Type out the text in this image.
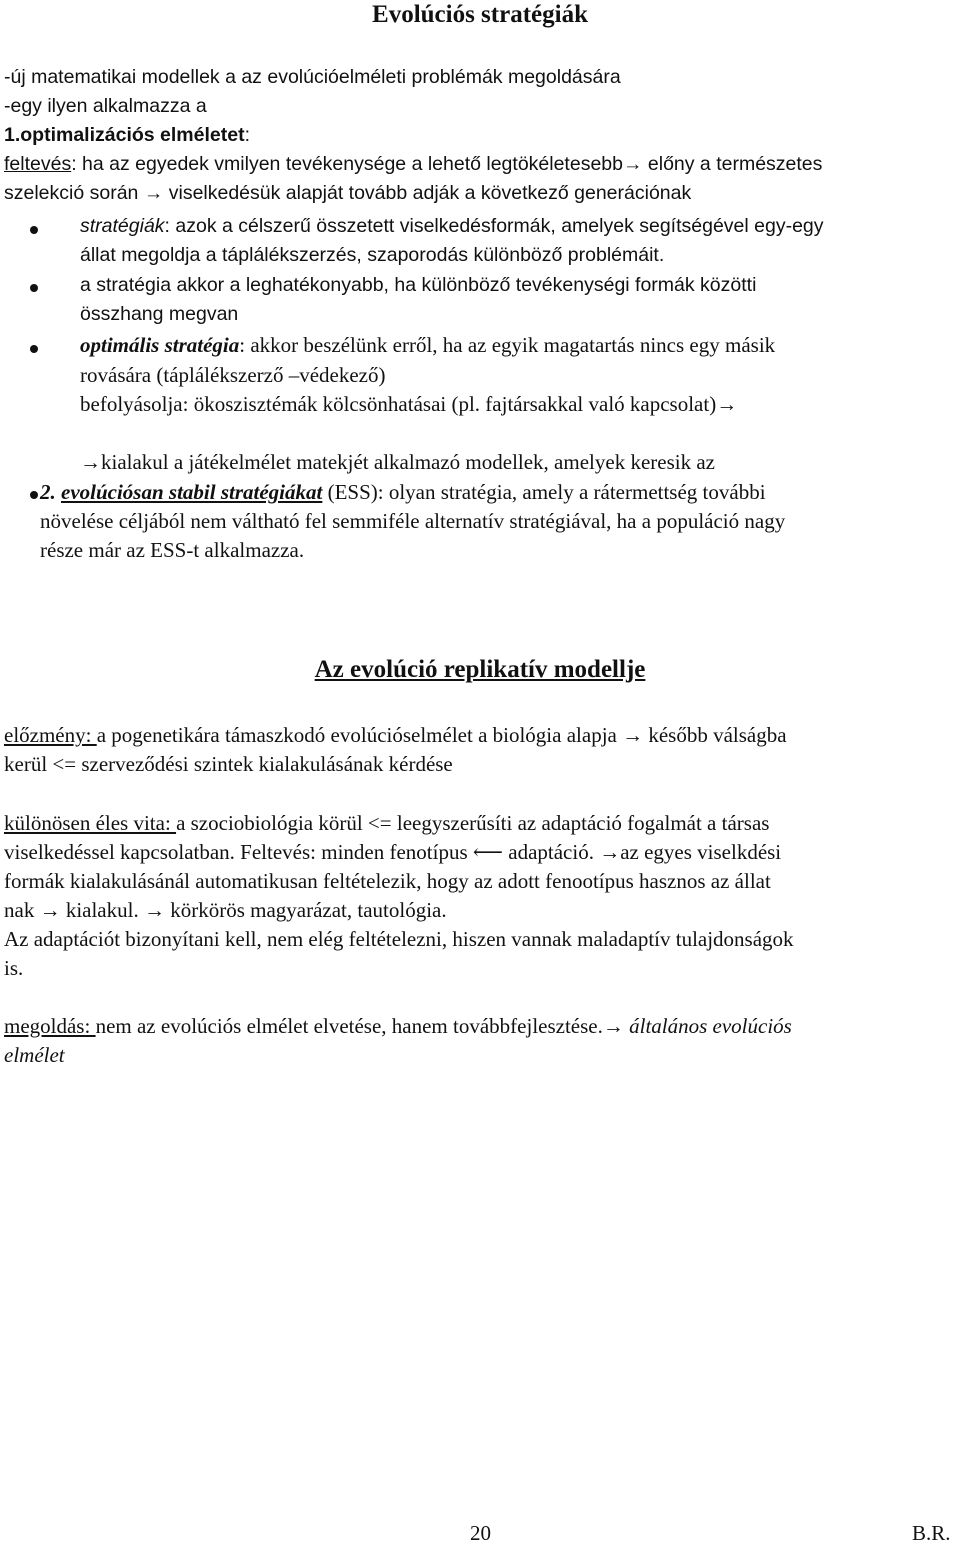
Evolúciós stratégiák
-új matematikai modellek a az evolúcióelméleti problémák megoldására
-egy ilyen alkalmazza a
1.optimalizációs elméletet:
feltevés: ha az egyedek vmilyen tevékenysége a lehető legtökéletesebb→ előny a természetes
szelekció során → viselkedésük alapját tovább adják a következő generációnak
stratégiák: azok a célszerű összetett viselkedésformák, amelyek segítségével egy-egy
állat megoldja a táplálékszerzés, szaporodás különböző problémáit.
a stratégia akkor a leghatékonyabb, ha különböző tevékenységi formák közötti
összhang megvan
optimális stratégia: akkor beszélünk erről, ha az egyik magatartás nincs egy másik
rovására (táplálékszerző –védekező)
befolyásolja: ökoszisztémák kölcsönhatásai (pl. fajtársakkal való kapcsolat)→
→kialakul a játékelmélet matekjét alkalmazó modellek, amelyek keresik az
2. evolúciósan stabil stratégiákat (ESS): olyan stratégia, amely a rátermettség további
növelése céljából nem váltható fel semmiféle alternatív stratégiával, ha a populáció nagy
része már az ESS-t alkalmazza.
Az evolúció replikatív modellje
előzmény: a pogenetikára támaszkodó evolúcióselmélet a biológia alapja → később válságba
kerül <= szerveződési szintek kialakulásának kérdése
különösen éles vita: a szociobiológia körül <= leegyszerűsíti az adaptáció fogalmát a társas
viselkedéssel kapcsolatban. Feltevés: minden fenotípus ⟵ adaptáció. →az egyes viselkdési
formák kialakulásánál automatikusan feltételezik, hogy az adott fenootípus hasznos az állat
nak → kialakul. → körkörös magyarázat, tautológia.
Az adaptációt bizonyítani kell, nem elég feltételezni, hiszen vannak maladaptív tulajdonságok
is.
megoldás: nem az evolúciós elmélet elvetése, hanem továbbfejlesztése.→ általános evolúciós
elmélet
20	B.R.
